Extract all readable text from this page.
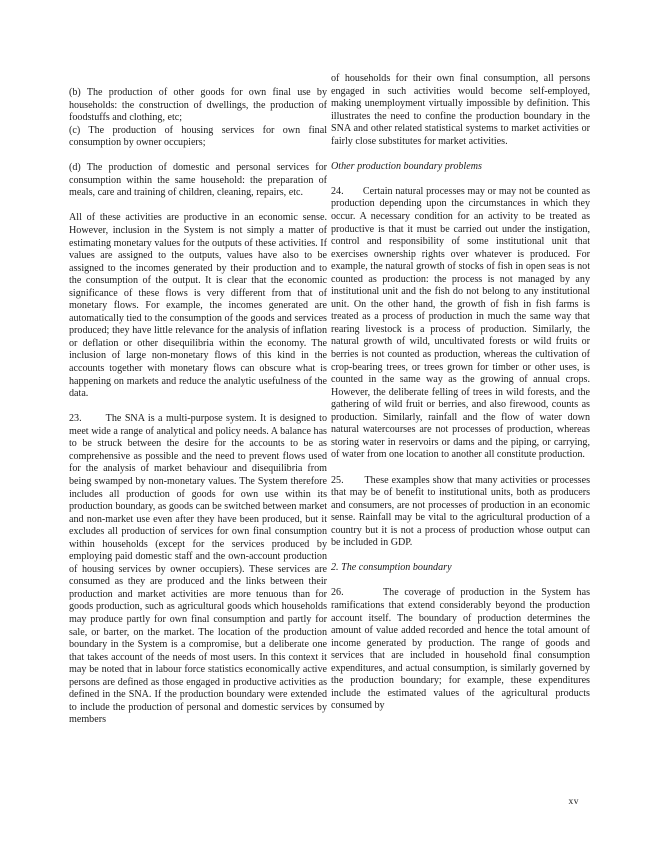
(b) The production of other goods for own final use by households: the construction of dwellings, the production of foodstuffs and clothing, etc;

(c) The production of housing services for own final consumption by owner occupiers;

(d) The production of domestic and personal services for consumption within the same household: the preparation of meals, care and training of children, cleaning, repairs, etc.

All of these activities are productive in an economic sense. However, inclusion in the System is not simply a matter of estimating monetary values for the outputs of these activities. If values are assigned to the outputs, values have also to be assigned to the incomes generated by their production and to the consumption of the output. It is clear that the economic significance of these flows is very different from that of monetary flows. For example, the incomes generated are automatically tied to the consumption of the goods and services produced; they have little relevance for the analysis of inflation or deflation or other disequilibria within the economy. The inclusion of large non-monetary flows of this kind in the accounts together with monetary flows can obscure what is happening on markets and reduce the analytic usefulness of the data.

23.       The SNA is a multi-purpose system. It is designed to meet wide a range of analytical and policy needs. A balance has to be struck between the desire for the accounts to be as comprehensive as possible and the need to prevent flows used for the analysis of market behaviour and disequilibria from being swamped by non-monetary values. The System therefore includes all production of goods for own use within its production boundary, as goods can be switched between market and non-market use even after they have been produced, but it excludes all production of services for own final consumption within households (except for the services produced by employing paid domestic staff and the own-account production of housing services by owner occupiers). These services are consumed as they are produced and the links between their production and market activities are more tenuous than for goods production, such as agricultural goods which households may produce partly for own final consumption and partly for sale, or barter, on the market. The location of the production boundary in the System is a compromise, but a deliberate one that takes account of the needs of most users. In this context it may be noted that in labour force statistics economically active persons are defined as those engaged in productive activities as defined in the SNA. If the production boundary were extended to include the production of personal and domestic services by members

of households for their own final consumption, all persons engaged in such activities would become self-employed, making unemployment virtually impossible by definition. This illustrates the need to confine the production boundary in the SNA and other related statistical systems to market activities or fairly close substitutes for market activities.

Other production boundary problems

24.       Certain natural processes may or may not be counted as production depending upon the circumstances in which they occur. A necessary condition for an activity to be treated as productive is that it must be carried out under the instigation, control and responsibility of some institutional unit that exercises ownership rights over whatever is produced. For example, the natural growth of stocks of fish in open seas is not counted as production: the process is not managed by any institutional unit and the fish do not belong to any institutional unit. On the other hand, the growth of fish in fish farms is treated as a process of production in much the same way that rearing livestock is a process of production. Similarly, the natural growth of wild, uncultivated forests or wild fruits or berries is not counted as production, whereas the cultivation of crop-bearing trees, or trees grown for timber or other uses, is counted in the same way as the growing of annual crops. However, the deliberate felling of trees in wild forests, and the gathering of wild fruit or berries, and also firewood, counts as production. Similarly, rainfall and the flow of water down natural watercourses are not processes of production, whereas storing water in reservoirs or dams and the piping, or carrying, of water from one location to another all constitute production.

25.       These examples show that many activities or processes that may be of benefit to institutional units, both as producers and consumers, are not processes of production in an economic sense. Rainfall may be vital to the agricultural production of a country but it is not a process of production whose output can be included in GDP.

2. The consumption boundary

26.       The coverage of production in the System has ramifications that extend considerably beyond the production account itself. The boundary of production determines the amount of value added recorded and hence the total amount of income generated by production. The range of goods and services that are included in household final consumption expenditures, and actual consumption, is similarly governed by the production boundary; for example, these expenditures include the estimated values of the agricultural products consumed by

xv
